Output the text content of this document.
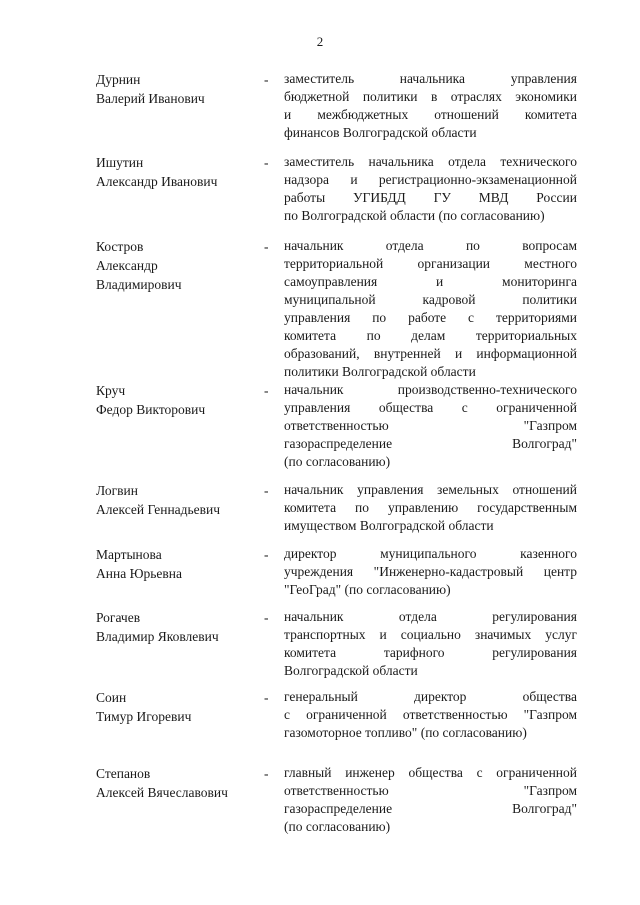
2
Дурнин
Валерий Иванович
- заместитель начальника управления
бюджетной политики в отраслях экономики
и межбюджетных отношений комитета
финансов Волгоградской области
Ишутин
Александр Иванович
- заместитель начальника отдела технического
надзора и регистрационно-экзаменационной
работы УГИБДД ГУ МВД России
по Волгоградской области (по согласованию)
Костров
Александр
Владимирович
- начальник отдела по вопросам
территориальной организации местного
самоуправления и мониторинга
муниципальной кадровой политики
управления по работе с территориями
комитета по делам территориальных
образований, внутренней и информационной
политики Волгоградской области
Круч
Федор Викторович
- начальник производственно-технического
управления общества с ограниченной
ответственностью "Газпром
газораспределение Волгоград"
(по согласованию)
Логвин
Алексей Геннадьевич
- начальник управления земельных отношений
комитета по управлению государственным
имуществом Волгоградской области
Мартынова
Анна Юрьевна
- директор муниципального казенного
учреждения "Инженерно-кадастровый центр
"ГеоГрад" (по согласованию)
Рогачев
Владимир Яковлевич
- начальник отдела регулирования
транспортных и социально значимых услуг
комитета тарифного регулирования
Волгоградской области
Соин
Тимур Игоревич
- генеральный директор общества
с ограниченной ответственностью "Газпром
газомоторное топливо" (по согласованию)
Степанов
Алексей Вячеславович
- главный инженер общества с ограниченной
ответственностью "Газпром
газораспределение Волгоград"
(по согласованию)
